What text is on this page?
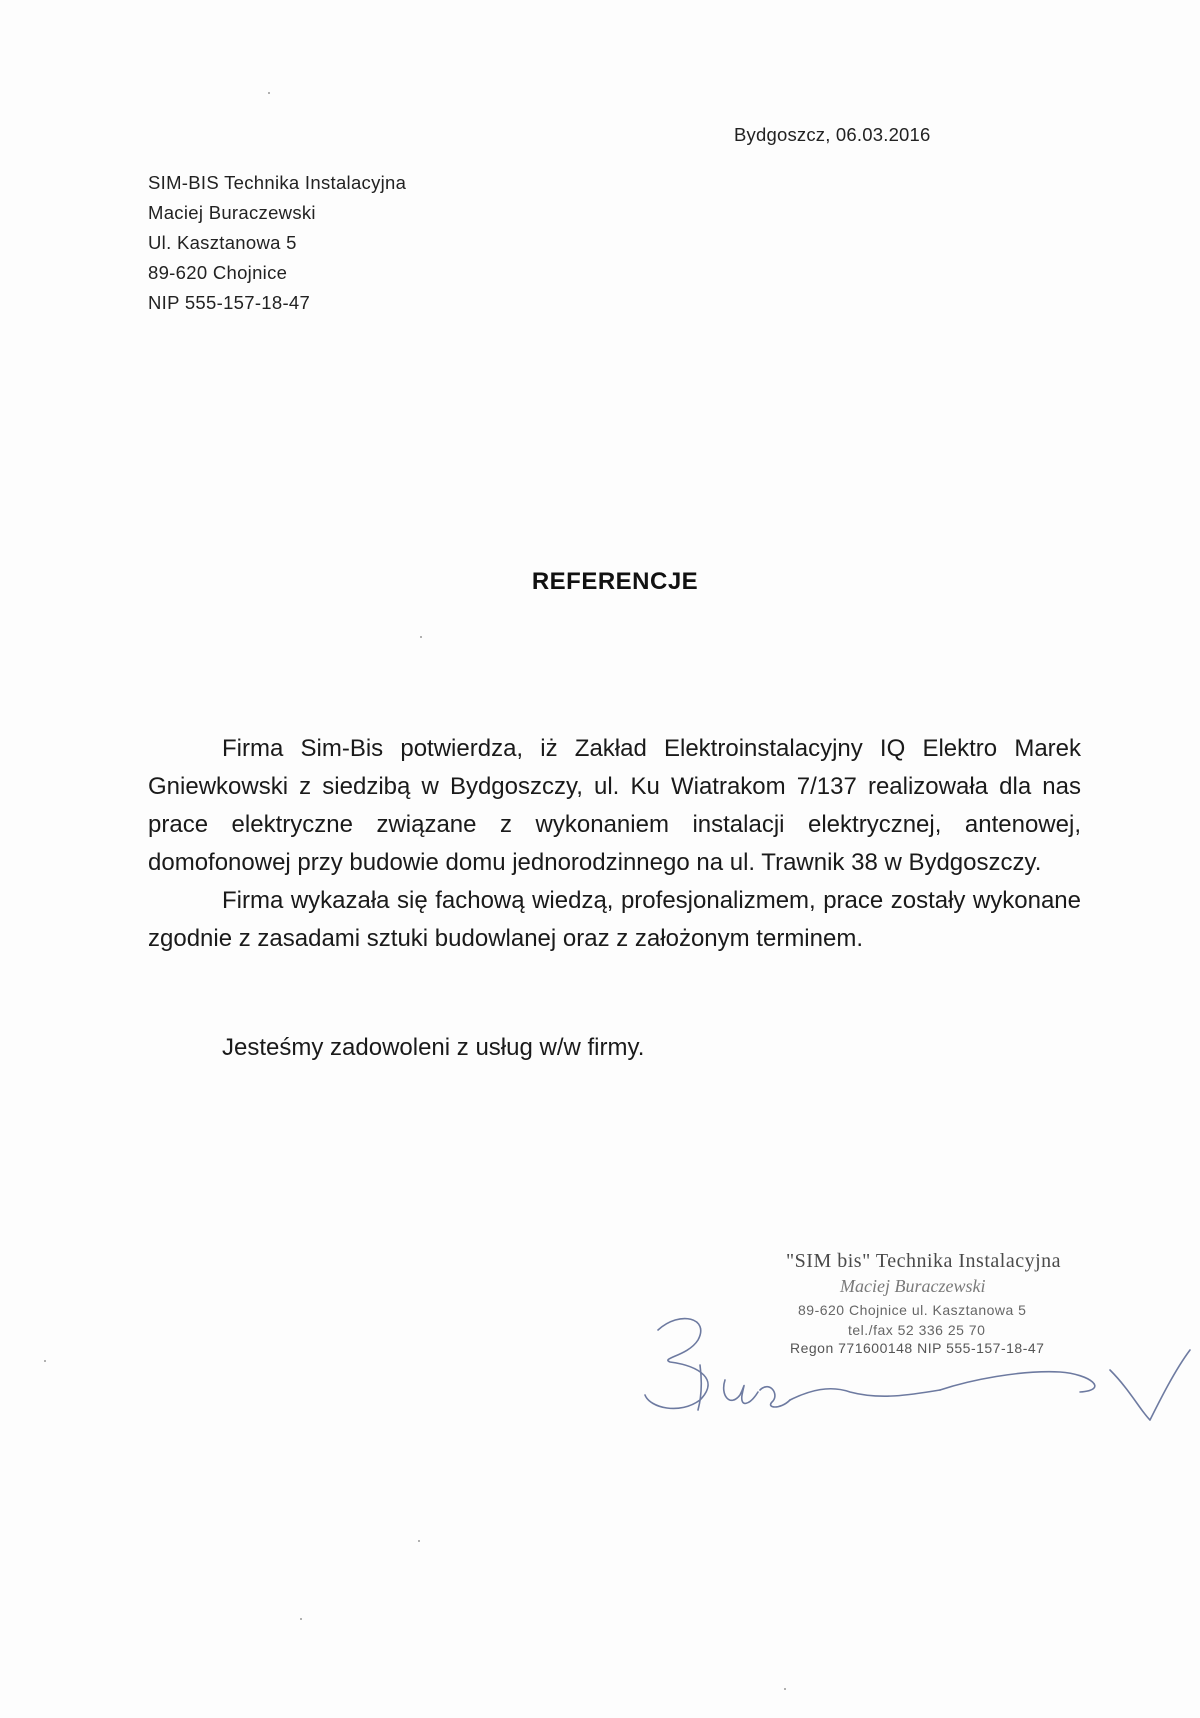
Bydgoszcz, 06.03.2016
SIM-BIS Technika Instalacyjna
Maciej Buraczewski
Ul. Kasztanowa 5
89-620 Chojnice
NIP 555-157-18-47
REFERENCJE

Firma Sim-Bis potwierdza, iż Zakład Elektroinstalacyjny IQ Elektro Marek Gniewkowski z siedzibą w Bydgoszczy, ul. Ku Wiatrakom 7/137 realizowała dla nas prace elektryczne związane z wykonaniem instalacji elektrycznej, antenowej, domofonowej przy budowie domu jednorodzinnego na ul. Trawnik 38 w Bydgoszczy.

Firma wykazała się fachową wiedzą, profesjonalizmem, prace zostały wykonane zgodnie z zasadami sztuki budowlanej oraz z założonym terminem.

Jesteśmy zadowoleni z usług w/w firmy.
"SIM bis" Technika Instalacyjna
Maciej Buraczewski
89-620 Chojnice ul. Kasztanowa 5
tel./fax 52 336 25 70
Regon 771600148 NIP 555-157-18-47
